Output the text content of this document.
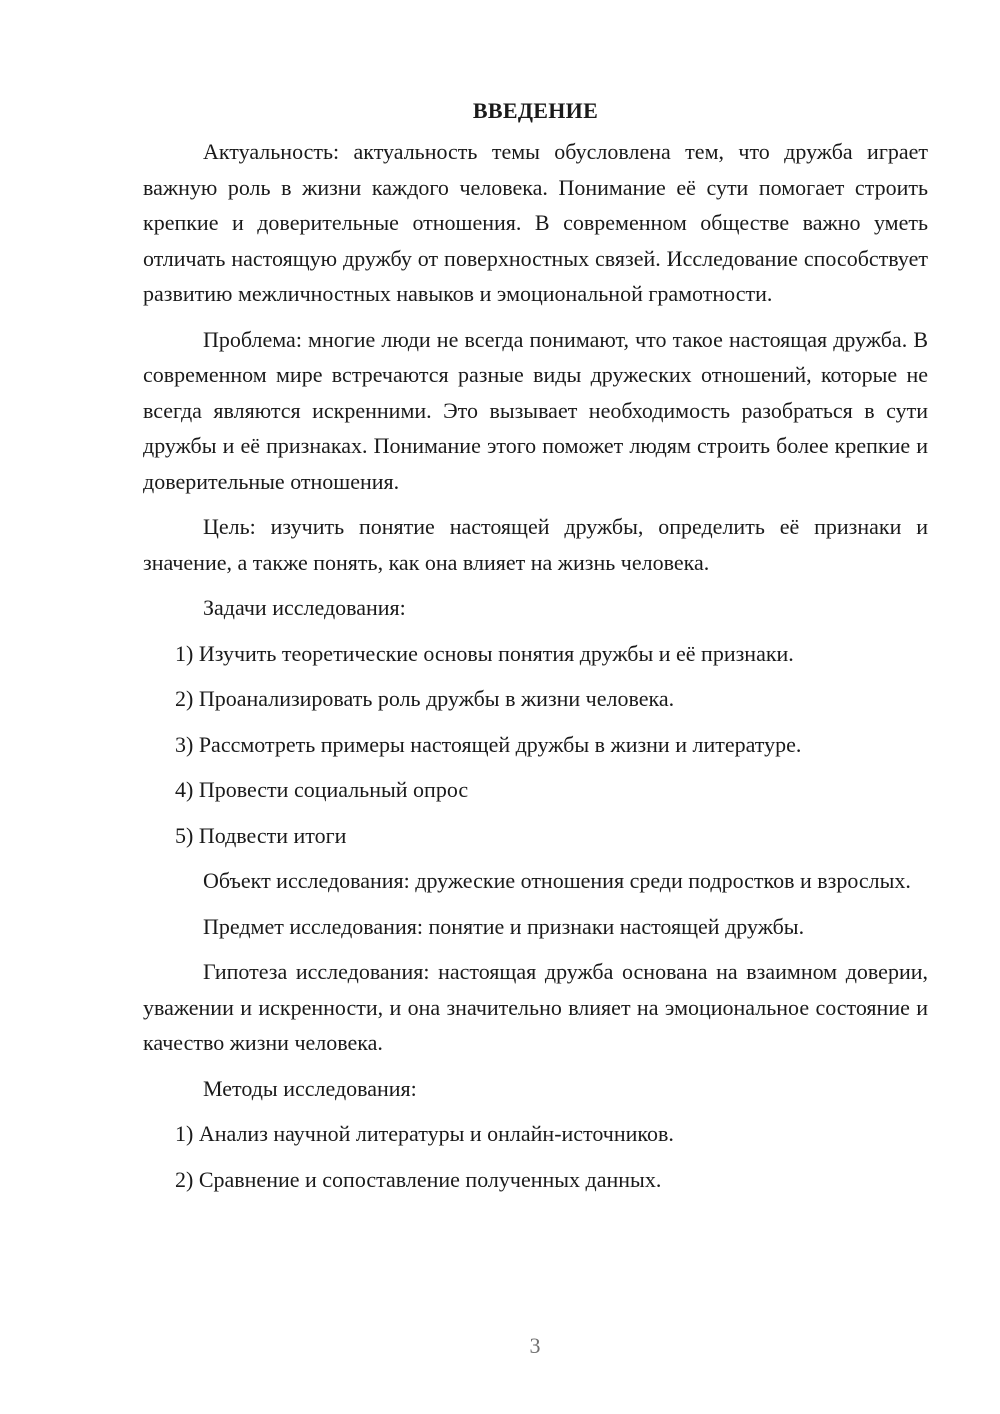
ВВЕДЕНИЕ

Актуальность: актуальность темы обусловлена тем, что дружба играет важную роль в жизни каждого человека. Понимание её сути помогает строить крепкие и доверительные отношения. В современном обществе важно уметь отличать настоящую дружбу от поверхностных связей. Исследование способствует развитию межличностных навыков и эмоциональной грамотности.

Проблема: многие люди не всегда понимают, что такое настоящая дружба. В современном мире встречаются разные виды дружеских отношений, которые не всегда являются искренними. Это вызывает необходимость разобраться в сути дружбы и её признаках. Понимание этого поможет людям строить более крепкие и доверительные отношения.

Цель: изучить понятие настоящей дружбы, определить её признаки и значение, а также понять, как она влияет на жизнь человека.

Задачи исследования:
1) Изучить теоретические основы понятия дружбы и её признаки.
2) Проанализировать роль дружбы в жизни человека.
3) Рассмотреть примеры настоящей дружбы в жизни и литературе.
4) Провести социальный опрос
5) Подвести итоги

Объект исследования: дружеские отношения среди подростков и взрослых.

Предмет исследования: понятие и признаки настоящей дружбы.

Гипотеза исследования: настоящая дружба основана на взаимном доверии, уважении и искренности, и она значительно влияет на эмоциональное состояние и качество жизни человека.

Методы исследования:
1) Анализ научной литературы и онлайн-источников.
2) Сравнение и сопоставление полученных данных.
3
